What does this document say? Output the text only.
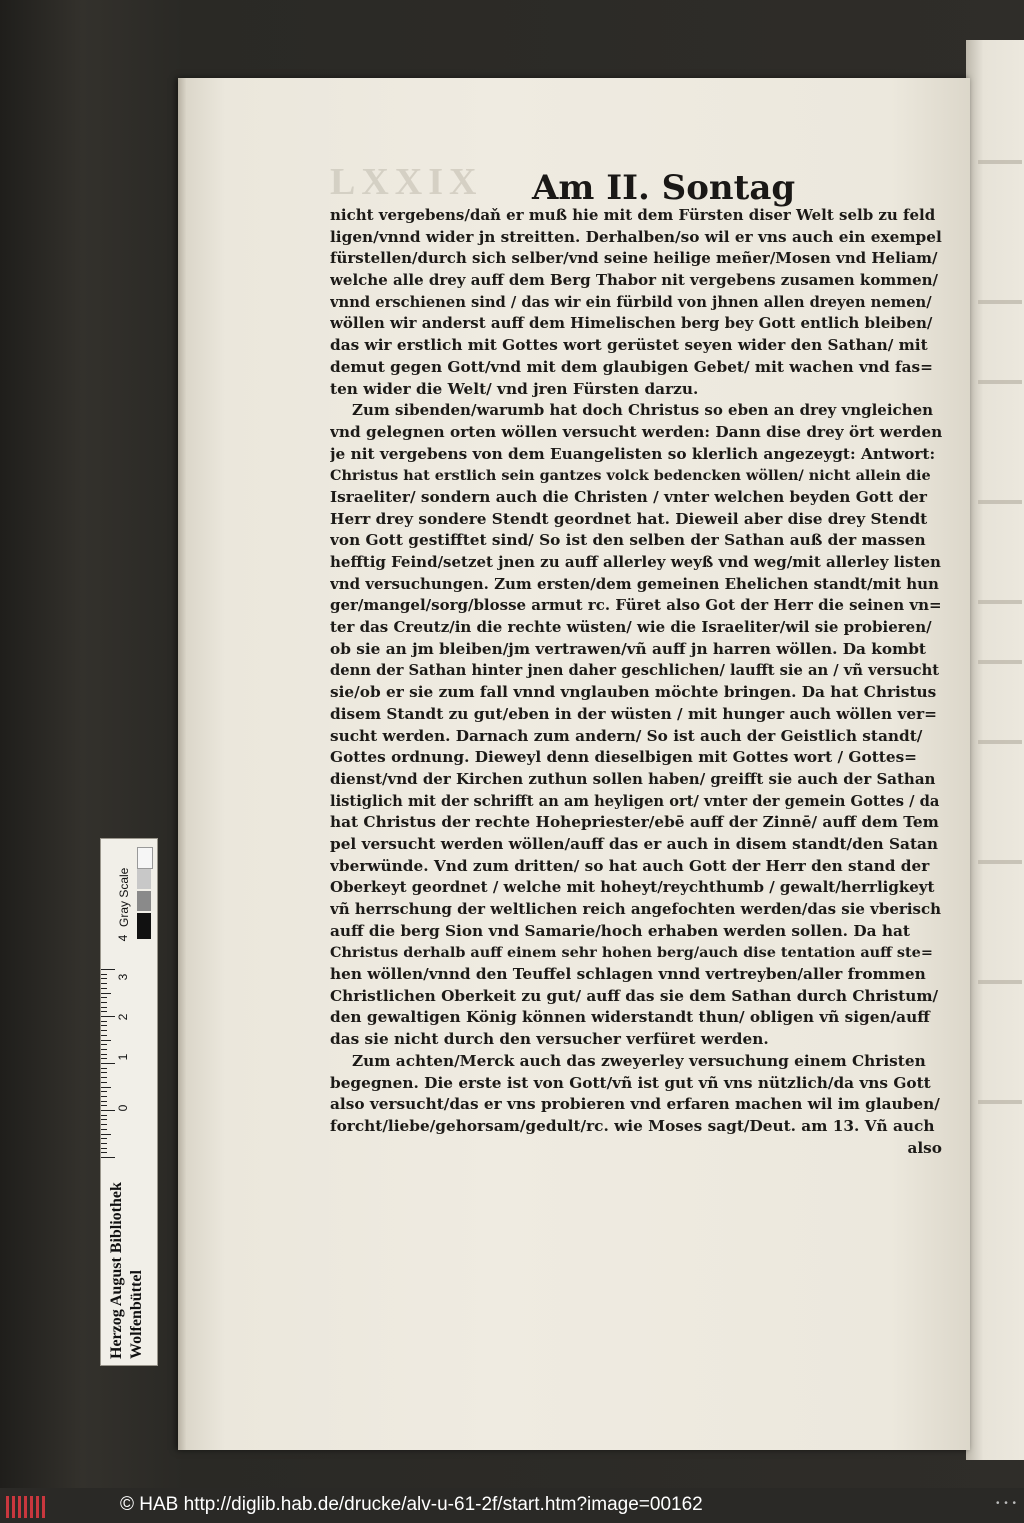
LXXIX	Am II. Sontag
nicht vergebens/daň er muß hie mit dem Fürsten diser Welt selb zu feld
ligen/vnnd wider jn streitten. Derhalben/so wil er vns auch ein exempel
fürstellen/durch sich selber/vnd seine heilige meñer/Mosen vnd Heliam/
welche alle drey auff dem Berg Thabor nit vergebens zusamen kommen/
vnnd erschienen sind / das wir ein fürbild von jhnen allen dreyen nemen/
wöllen wir anderst auff dem Himelischen berg bey Gott entlich bleiben/
das wir erstlich mit Gottes wort gerüstet seyen wider den Sathan/ mit
demut gegen Gott/vnd mit dem glaubigen Gebet/ mit wachen vnd fas=
ten wider die Welt/ vnd jren Fürsten darzu.
Zum sibenden/warumb hat doch Christus so eben an drey vngleichen
vnd gelegnen orten wöllen versucht werden: Dann dise drey ört werden
je nit vergebens von dem Euangelisten so klerlich angezeygt: Antwort:
Christus hat erstlich sein gantzes volck bedencken wöllen/ nicht allein die
Israeliter/ sondern auch die Christen / vnter welchen beyden Gott der
Herr drey sondere Stendt geordnet hat. Dieweil aber dise drey Stendt
von Gott gestifftet sind/ So ist den selben der Sathan auß der massen
hefftig Feind/setzet jnen zu auff allerley weyß vnd weg/mit allerley listen
vnd versuchungen. Zum ersten/dem gemeinen Ehelichen standt/mit hun
ger/mangel/sorg/blosse armut rc. Füret also Got der Herr die seinen vn=
ter das Creutz/in die rechte wüsten/ wie die Israeliter/wil sie probieren/
ob sie an jm bleiben/jm vertrawen/vñ auff jn harren wöllen. Da kombt
denn der Sathan hinter jnen daher geschlichen/ laufft sie an / vñ versucht
sie/ob er sie zum fall vnnd vnglauben möchte bringen. Da hat Christus
disem Standt zu gut/eben in der wüsten / mit hunger auch wöllen ver=
sucht werden. Darnach zum andern/ So ist auch der Geistlich standt/
Gottes ordnung. Dieweyl denn dieselbigen mit Gottes wort / Gottes=
dienst/vnd der Kirchen zuthun sollen haben/ greifft sie auch der Sathan
listiglich mit der schrifft an am heyligen ort/ vnter der gemein Gottes / da
hat Christus der rechte Hohepriester/ebē auff der Zinnē/ auff dem Tem
pel versucht werden wöllen/auff das er auch in disem standt/den Satan
vberwünde. Vnd zum dritten/ so hat auch Gott der Herr den stand der
Oberkeyt geordnet / welche mit hoheyt/reychthumb / gewalt/herrligkeyt
vñ herrschung der weltlichen reich angefochten werden/das sie vberisch
auff die berg Sion vnd Samarie/hoch erhaben werden sollen. Da hat
Christus derhalb auff einem sehr hohen berg/auch dise tentation auff ste=
hen wöllen/vnnd den Teuffel schlagen vnnd vertreyben/aller frommen
Christlichen Oberkeit zu gut/ auff das sie dem Sathan durch Christum/
den gewaltigen König können widerstandt thun/ obligen vñ sigen/auff
das sie nicht durch den versucher verfüret werden.
Zum achten/Merck auch das zweyerley versuchung einem Christen
begegnen. Die erste ist von Gott/vñ ist gut vñ vns nützlich/da vns Gott
also versucht/das er vns probieren vnd erfaren machen wil im glauben/
forcht/liebe/gehorsam/gedult/rc. wie Moses sagt/Deut. am 13. Vñ auch
also
Gray Scale
4
3
2
1
0
Herzog August Bibliothek Wolfenbüttel
© HAB http://diglib.hab.de/drucke/alv-u-61-2f/start.htm?image=00162	• • •
